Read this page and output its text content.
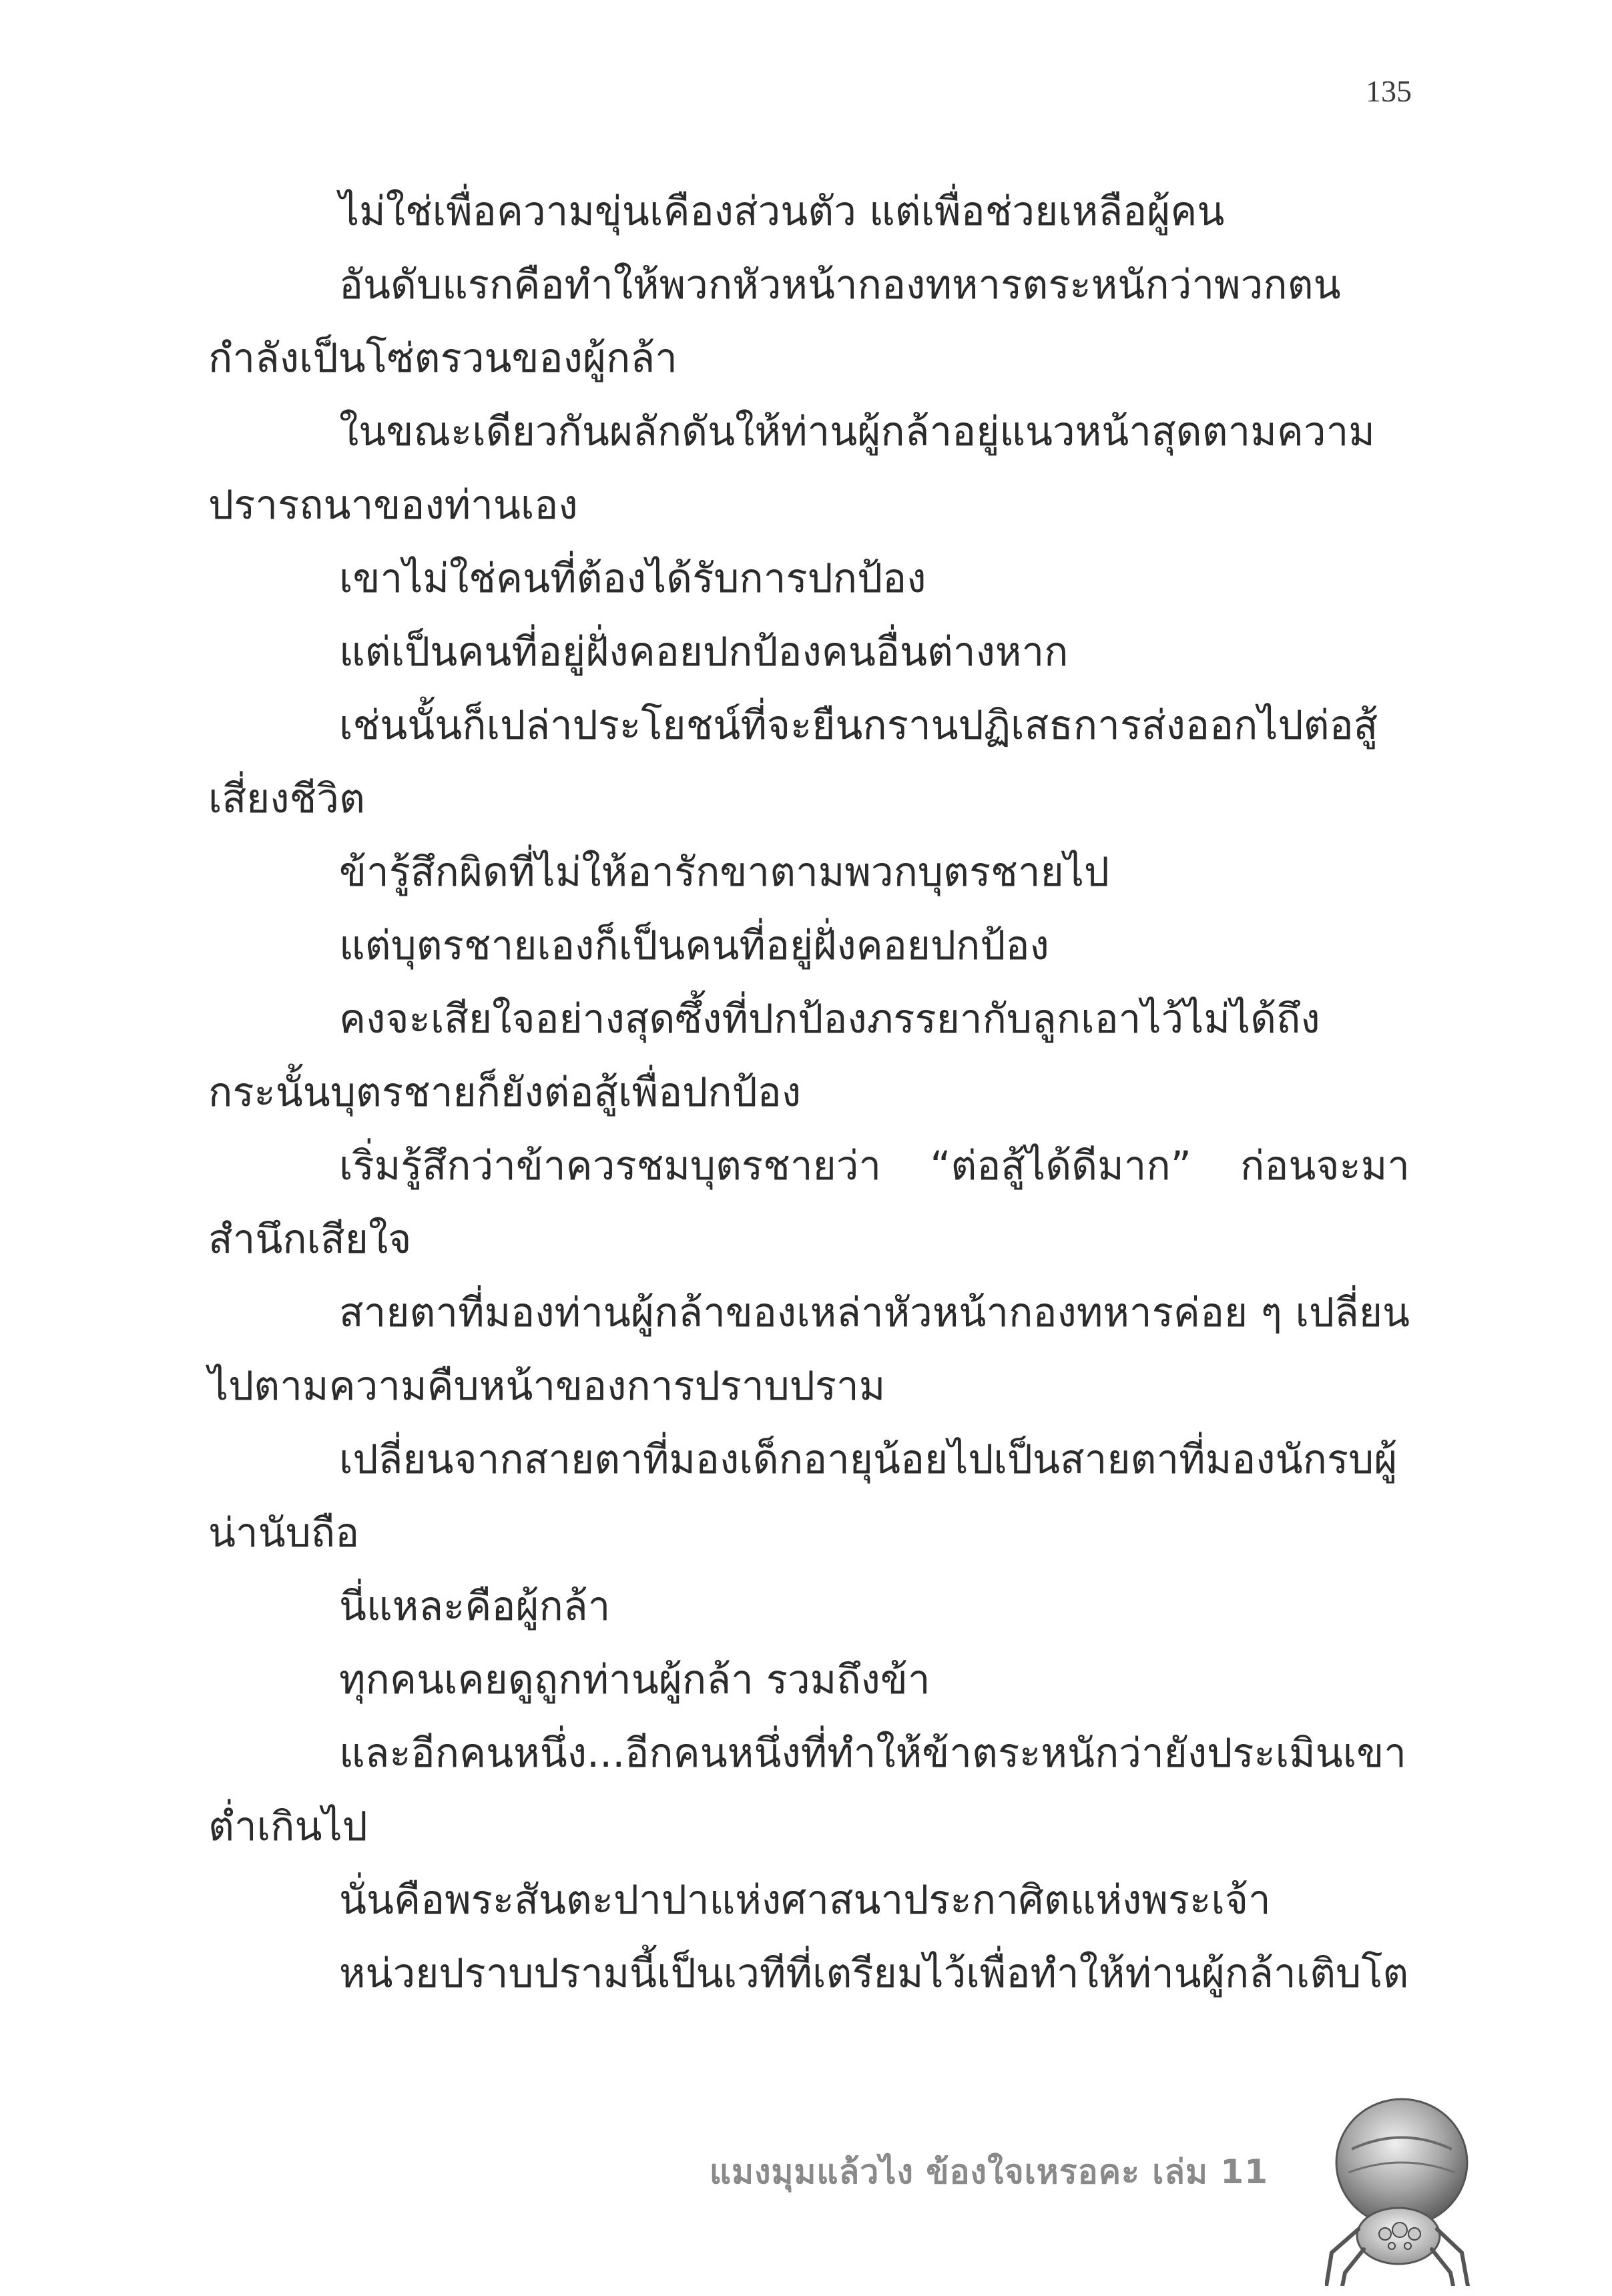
135

ไม่ใช่เพื่อความขุ่นเคืองส่วนตัว แต่เพื่อช่วยเหลือผู้คน

อันดับแรกคือทำให้พวกหัวหน้ากองทหารตระหนักว่าพวกตนกำลังเป็นโซ่ตรวนของผู้กล้า

ในขณะเดียวกันผลักดันให้ท่านผู้กล้าอยู่แนวหน้าสุดตามความปรารถนาของท่านเอง

เขาไม่ใช่คนที่ต้องได้รับการปกป้อง

แต่เป็นคนที่อยู่ฝั่งคอยปกป้องคนอื่นต่างหาก

เช่นนั้นก็เปล่าประโยชน์ที่จะยืนกรานปฏิเสธการส่งออกไปต่อสู้เสี่ยงชีวิต

ข้ารู้สึกผิดที่ไม่ให้อารักขาตามพวกบุตรชายไป

แต่บุตรชายเองก็เป็นคนที่อยู่ฝั่งคอยปกป้อง

คงจะเสียใจอย่างสุดซึ้งที่ปกป้องภรรยากับลูกเอาไว้ไม่ได้ถึงกระนั้นบุตรชายก็ยังต่อสู้เพื่อปกป้อง

เริ่มรู้สึกว่าข้าควรชมบุตรชายว่า “ต่อสู้ได้ดีมาก” ก่อนจะมาสำนึกเสียใจ

สายตาที่มองท่านผู้กล้าของเหล่าหัวหน้ากองทหารค่อย ๆ เปลี่ยนไปตามความคืบหน้าของการปราบปราม

เปลี่ยนจากสายตาที่มองเด็กอายุน้อยไปเป็นสายตาที่มองนักรบผู้น่านับถือ

นี่แหละคือผู้กล้า

ทุกคนเคยดูถูกท่านผู้กล้า รวมถึงข้า

และอีกคนหนึ่ง...อีกคนหนึ่งที่ทำให้ข้าตระหนักว่ายังประเมินเขาต่ำเกินไป

นั่นคือพระสันตะปาปาแห่งศาสนาประกาศิตแห่งพระเจ้า

หน่วยปราบปรามนี้เป็นเวทีที่เตรียมไว้เพื่อทำให้ท่านผู้กล้าเติบโต

แมงมุมแล้วไง ข้องใจเหรอคะ เล่ม 11
